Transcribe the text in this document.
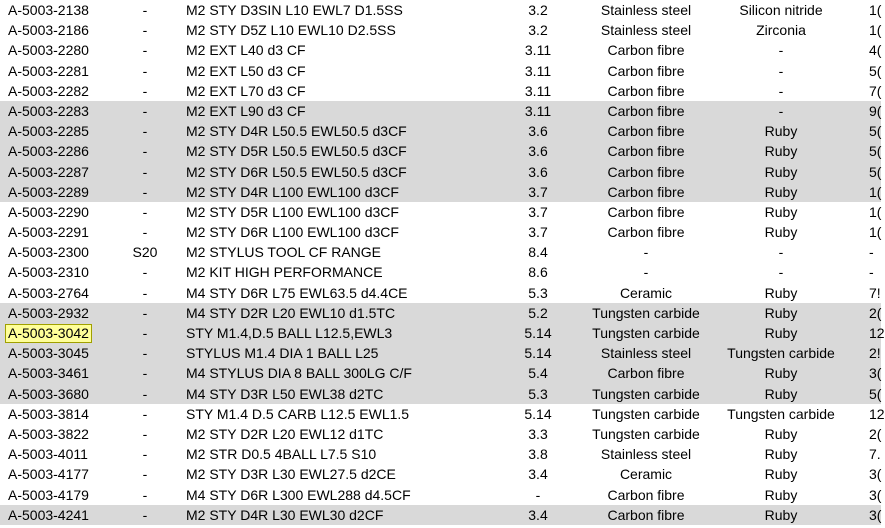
A-5003-2138	-	M2 STY D3SIN L10 EWL7 D1.5SS	3.2	Stainless steel	Silicon nitride	1(
A-5003-2186	-	M2 STY D5Z L10 EWL10 D2.5SS	3.2	Stainless steel	Zirconia	1(
A-5003-2280	-	M2 EXT L40 d3 CF	3.11	Carbon fibre	-	4(
A-5003-2281	-	M2 EXT L50 d3 CF	3.11	Carbon fibre	-	5(
A-5003-2282	-	M2 EXT L70 d3 CF	3.11	Carbon fibre	-	7(
A-5003-2283	-	M2 EXT L90 d3 CF	3.11	Carbon fibre	-	9(
A-5003-2285	-	M2 STY D4R L50.5 EWL50.5 d3CF	3.6	Carbon fibre	Ruby	5(
A-5003-2286	-	M2 STY D5R L50.5 EWL50.5 d3CF	3.6	Carbon fibre	Ruby	5(
A-5003-2287	-	M2 STY D6R L50.5 EWL50.5 d3CF	3.6	Carbon fibre	Ruby	5(
A-5003-2289	-	M2 STY D4R L100 EWL100 d3CF	3.7	Carbon fibre	Ruby	1(
A-5003-2290	-	M2 STY D5R L100 EWL100 d3CF	3.7	Carbon fibre	Ruby	1(
A-5003-2291	-	M2 STY D6R L100 EWL100 d3CF	3.7	Carbon fibre	Ruby	1(
A-5003-2300	S20	M2 STYLUS TOOL CF RANGE	8.4	-	-	-
A-5003-2310	-	M2 KIT HIGH PERFORMANCE	8.6	-	-	-
A-5003-2764	-	M4 STY D6R L75 EWL63.5 d4.4CE	5.3	Ceramic	Ruby	7!
A-5003-2932	-	M4 STY D2R L20 EWL10 d1.5TC	5.2	Tungsten carbide	Ruby	2(
A-5003-3042	-	STY M1.4,D.5 BALL L12.5,EWL3	5.14	Tungsten carbide	Ruby	12
A-5003-3045	-	STYLUS M1.4 DIA 1 BALL L25	5.14	Stainless steel	Tungsten carbide	2!
A-5003-3461	-	M4 STYLUS DIA 8 BALL 300LG C/F	5.4	Carbon fibre	Ruby	3(
A-5003-3680	-	M4 STY D3R L50 EWL38 d2TC	5.3	Tungsten carbide	Ruby	5(
A-5003-3814	-	STY M1.4 D.5 CARB L12.5 EWL1.5	5.14	Tungsten carbide	Tungsten carbide	12
A-5003-3822	-	M2 STY D2R L20 EWL12 d1TC	3.3	Tungsten carbide	Ruby	2(
A-5003-4011	-	M2 STR D0.5 4BALL L7.5 S10	3.8	Stainless steel	Ruby	7.
A-5003-4177	-	M2 STY D3R L30 EWL27.5 d2CE	3.4	Ceramic	Ruby	3(
A-5003-4179	-	M4 STY D6R L300 EWL288 d4.5CF	-	Carbon fibre	Ruby	3(
A-5003-4241	-	M2 STY D4R L30 EWL30 d2CF	3.4	Carbon fibre	Ruby	3(
